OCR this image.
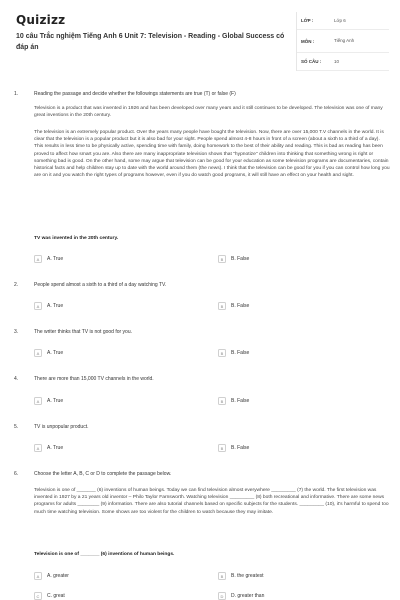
Quizizz
10 câu Trắc nghiệm Tiếng Anh 6 Unit 7: Television - Reading - Global Success có đáp án
LỚP :	Lớp 6
MÔN :	Tiếng Anh
SỐ CÂU :	10
1.	Reading the passage and decide whether the followings statements are true (T) or false (F)
Television is a product that was invented in 1926 and has been developed over many years and it still continues to be developed. The television was one of many great inventions in the 20th century.
The television is an extremely popular product. Over the years many people have bought the television. Now, there are over 15,000 T.V channels in the world. It is clear that the television is a popular product but it is also bad for your sight. People spend almost 4-8 hours in front of a screen (about a sixth to a third of a day). This results in less time to be physically active, spending time with family, doing homework to the best of their ability and reading. This is bad as reading has been proved to affect how smart you are. Also there are many inappropriate television shows that "hypnotize" children into thinking that something wrong is right or something bad is good. On the other hand, some may argue that television can be good for your education as some television programs are documentaries, contain historical facts and help children stay up to date with the world around them (the news). I think that the television can be good for you if you can control how long you are on it and you watch the right types of programs however, even if you do watch good programs, it will still have an effect on your health and sight.
TV was invented in the 20th century.
A	A. True	B	B. False
2.	People spend almost a sixth to a third of a day watching TV.
A	A. True	B	B. False
3.	The writer thinks that TV is not good for you.
A	A. True	B	B. False
4.	There are more than 15,000 TV channels in the world.
A	A. True	B	B. False
5.	TV is unpopular product.
A	A. True	B	B. False
6.	Choose the letter A, B, C or D to complete the passage below.
Television is one of _______ (6) inventions of human beings. Today we can find television almost everywhere _________ (7) the world. The first television was invented in 1927 by a 21 years old inventor – Philo Taylor Farnsworth. Watching television _________ (8) both recreational and informative. There are some news programs for adults ________ (9) information. There are also tutorial channels based on specific subjects for the students. _________ (10), it's harmful to spend too much time watching television. Some shows are too violent for the children to watch because they may imitate.
Television is one of _______ (6) inventions of human beings.
A	A. greater	B	B. the greatest
C	C. great	D	D. greater than
